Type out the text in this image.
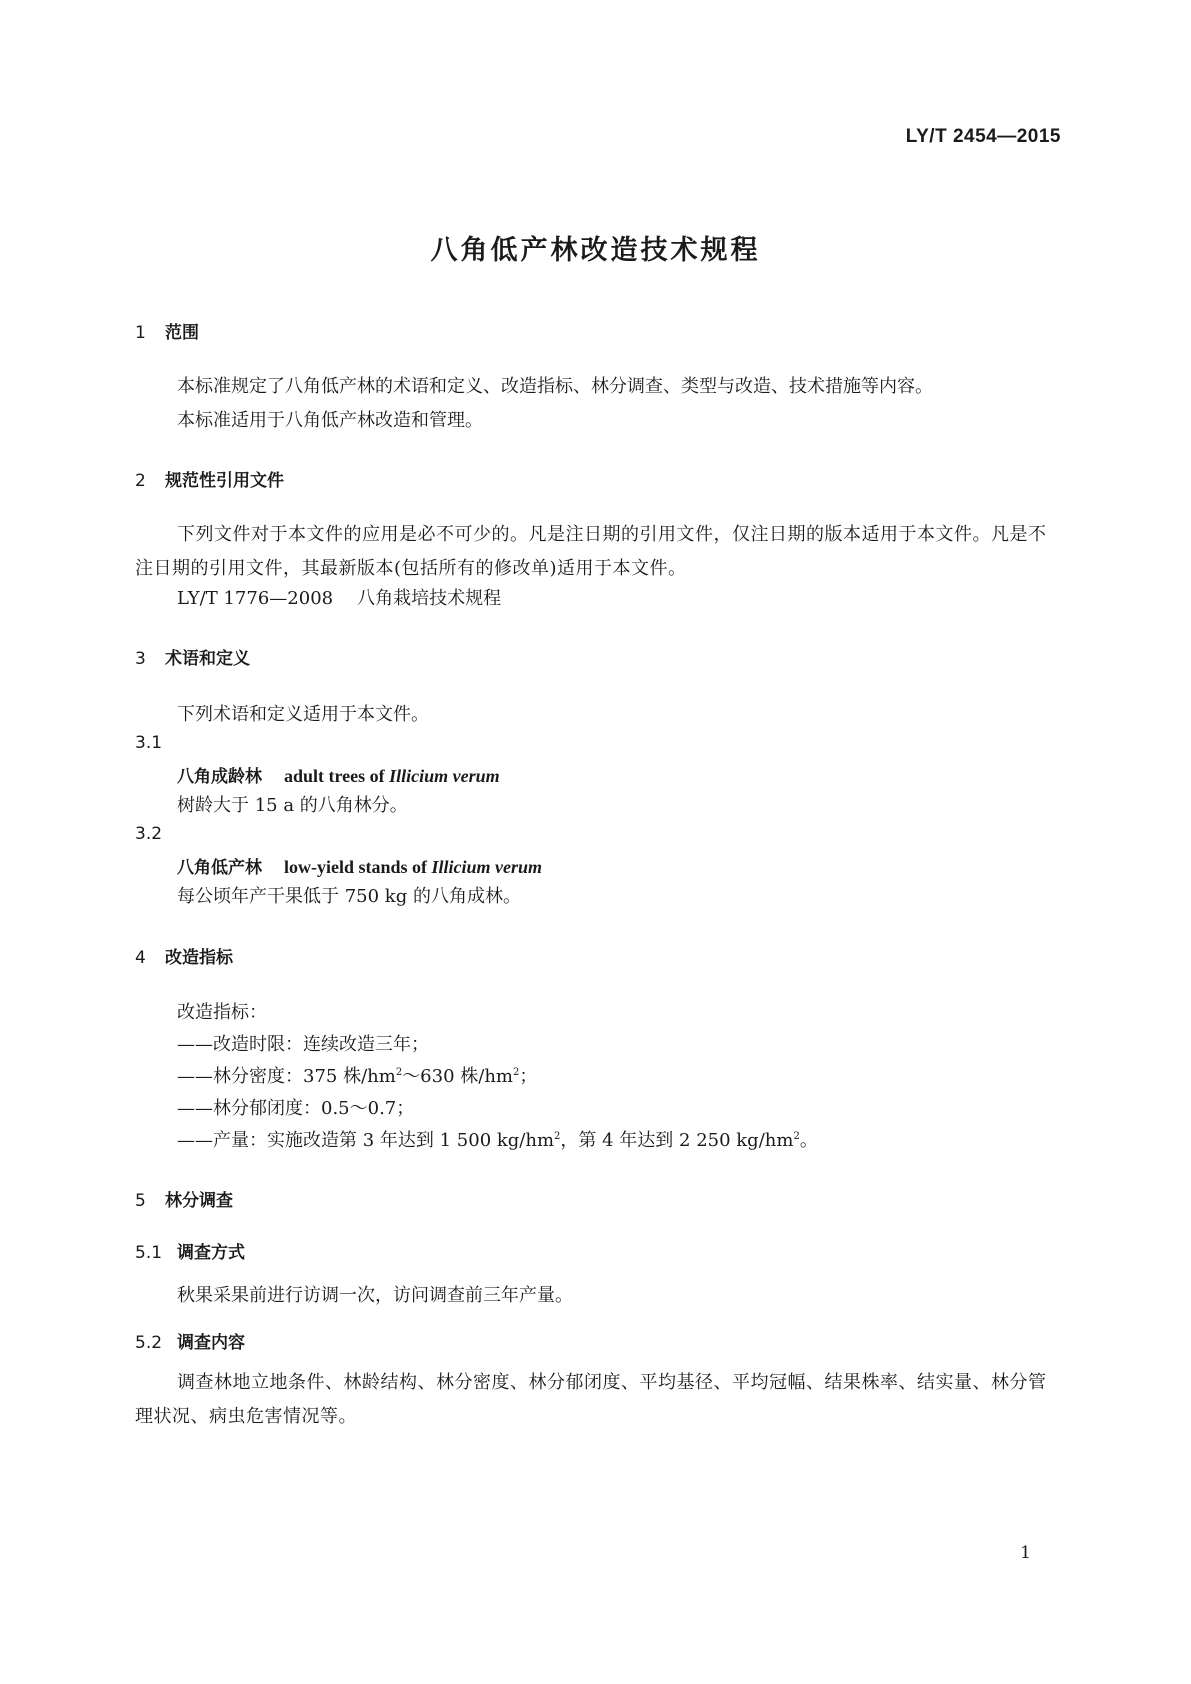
LY/T 2454—2015
八角低产林改造技术规程
1 范围
本标准规定了八角低产林的术语和定义、改造指标、林分调查、类型与改造、技术措施等内容。
本标准适用于八角低产林改造和管理。
2 规范性引用文件
下列文件对于本文件的应用是必不可少的。凡是注日期的引用文件，仅注日期的版本适用于本文件。凡是不注日期的引用文件，其最新版本(包括所有的修改单)适用于本文件。
LY/T 1776—2008 八角栽培技术规程
3 术语和定义
下列术语和定义适用于本文件。
3.1
八角成龄林 adult trees of Illicium verum
树龄大于 15 a 的八角林分。
3.2
八角低产林 low-yield stands of Illicium verum
每公顷年产干果低于 750 kg 的八角成林。
4 改造指标
改造指标：
——改造时限：连续改造三年；
——林分密度：375 株$/hm^2\sim 630$ 株$/hm^2$；
——林分郁闭度：0.5～0.7；
——产量：实施改造第 3 年达到 1 500 $kg/hm^2$，第 4 年达到 2 250 $kg/hm^2$。
5 林分调查
5.1 调查方式
秋果采果前进行访调一次，访问调查前三年产量。
5.2 调查内容
调查林地立地条件、林龄结构、林分密度、林分郁闭度、平均基径、平均冠幅、结果株率、结实量、林分管理状况、病虫危害情况等。
1
